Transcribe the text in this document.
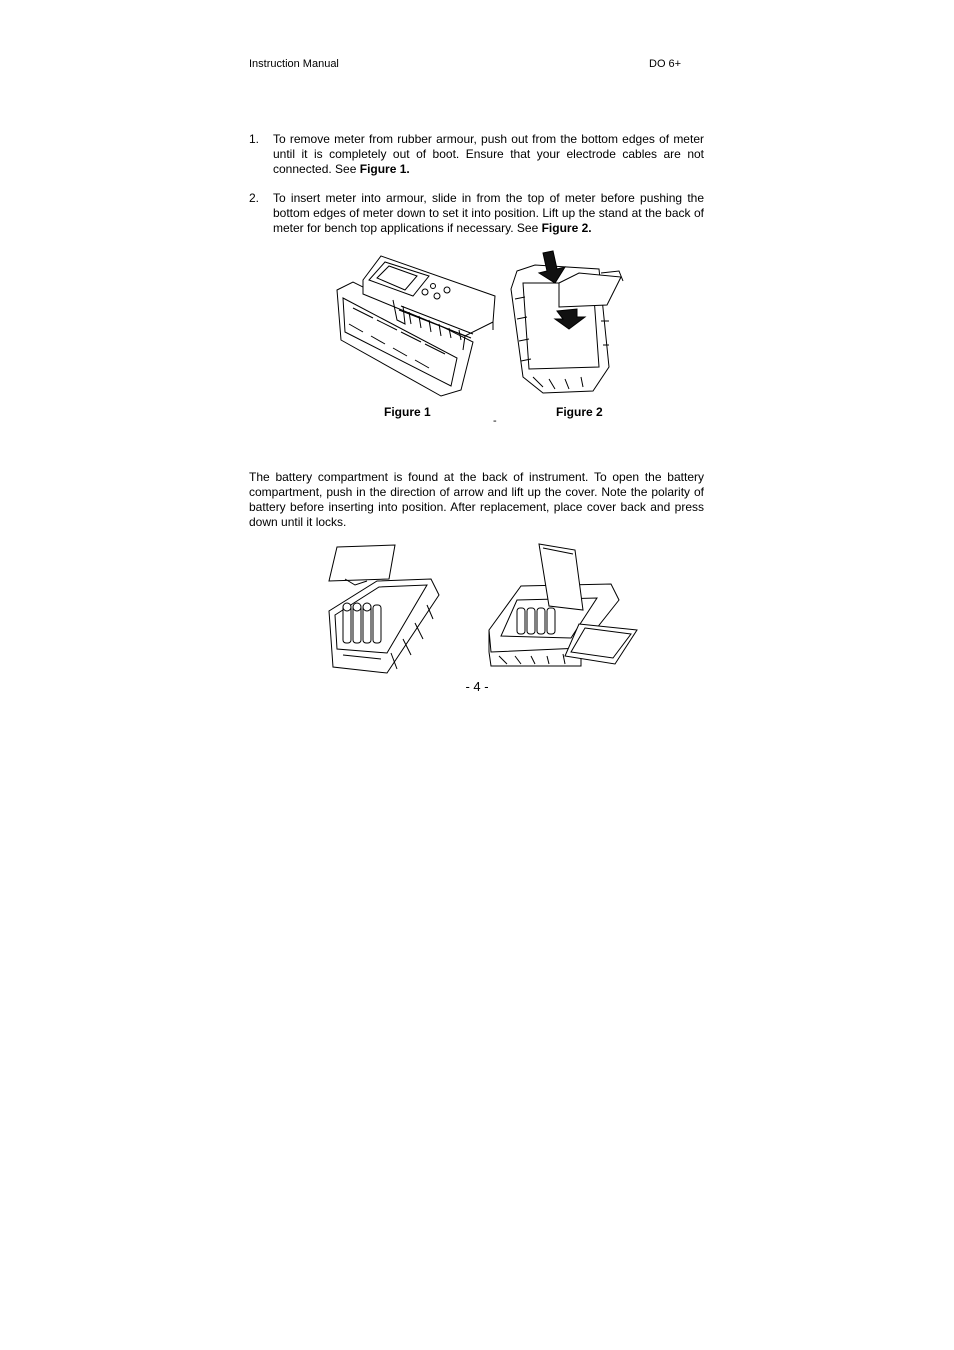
Instruction Manual	DO 6+
1. To remove meter from rubber armour, push out from the bottom edges of meter until it is completely out of boot. Ensure that your electrode cables are not connected. See Figure 1.
2. To insert meter into armour, slide in from the top of meter before pushing the bottom edges of meter down to set it into position. Lift up the stand at the back of meter for bench top applications if necessary. See Figure 2.
Figure 1	Figure 2
-

The battery compartment is found at the back of instrument. To open the battery compartment, push in the direction of arrow and lift up the cover. Note the polarity of battery before inserting into position. After replacement, place cover back and press down until it locks.

- 4 -
